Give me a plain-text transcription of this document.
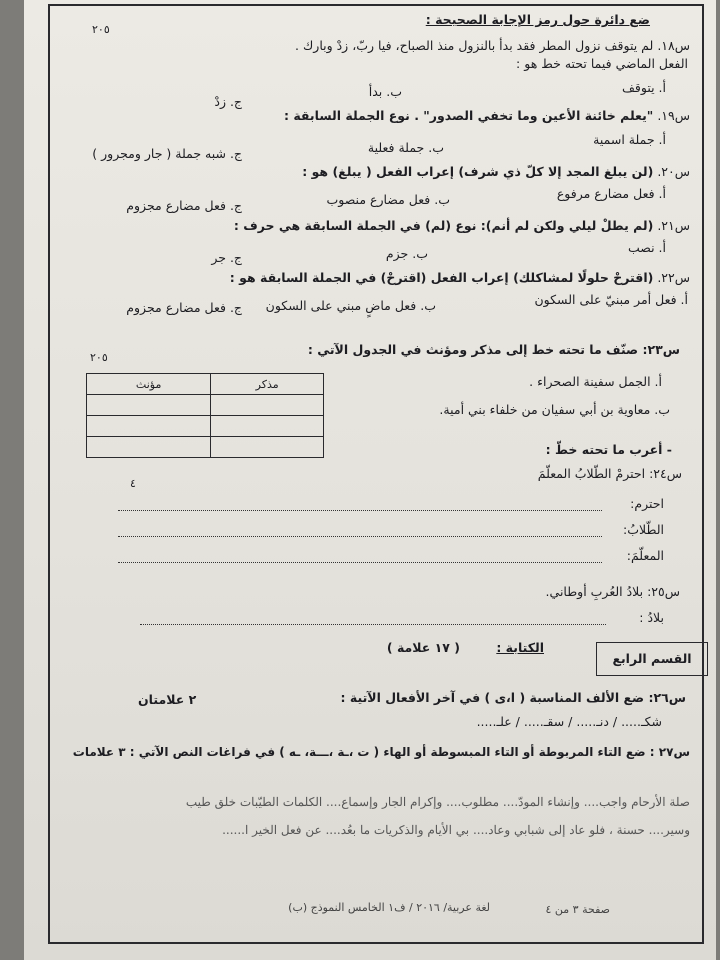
ضع دائرة حول رمز الإجابة الصحيحة :
٢٠٥
س١٨. لم يتوقف نزول المطر فقد بدأ بالنزول منذ الصباح، فيا ربّ، زدْ وبارك .
الفعل الماضي فيما تحته خط هو :
أ. يتوقف
ب. بدأ
ج. زدْ
س١٩. "يعلم خائنة الأعين وما تخفي الصدور" . نوع الجملة السابقة :
أ. جملة اسمية
ب. جملة فعلية
ج. شبه جملة ( جار ومجرور )
س٢٠. (لن يبلغ المجد إلا كلّ ذي شرف) إعراب الفعل ( يبلغ) هو :
أ. فعل مضارع مرفوع
ب. فعل مضارع منصوب
ج. فعل مضارع مجزوم
س٢١. (لم يطلْ ليلي ولكن لم أنم): نوع (لم) في الجملة السابقة هي حرف :
أ. نصب
ب. جزم
ج. جر
س٢٢. (اقترحْ حلولًا لمشاكلك) إعراب الفعل (اقترحْ) في الجملة السابقة هو :
أ. فعل أمر مبنيّ على السكون
ب. فعل ماضٍ مبني على السكون
ج. فعل مضارع مجزوم
س٢٣: صنّف ما تحته خط إلى مذكر ومؤنث في الجدول الآتي :
٢٠٥
أ. الجمل سفينة الصحراء .
ب. معاوية بن أبي سفيان من خلفاء بني أمية.
مذكر	مؤنث

- أعرب ما تحته خطّ :
٤
س٢٤: احترمْ الطّلابُ المعلّمَ
احترم:
الطّلابُ:
المعلّمَ:
س٢٥: بلادُ العُربِ أوطاني.
بلادُ :
القسم الرابع
الكتابة :
( ١٧ علامة )
س٢٦: ضع الألف المناسبة ( ا،ى ) في آخر الأفعال الآتية :
٢ علامتان
شكـ..... / دنـ..... / سقـ..... / علـ.....
س٢٧ : ضع التاء المربوطة أو التاء المبسوطة أو الهاء ( ت ،ـة ،ـــة، ـه ) في فراغات النص الآتي : ٣ علامات
صلة الأرحام واجب.... وإنشاء المودّ.... مطلوب.... وإكرام الجار وإسماع.... الكلمات الطيّبات خلق طيب
وسير.... حسنة ، فلو عاد إلى شبابي وعاد.... بي الأيام والذكريات ما بعُد.... عن فعل الخير ا......
صفحة ٣ من ٤
لغة عربية/ ٢٠١٦ / ف١ الخامس النموذج (ب)
